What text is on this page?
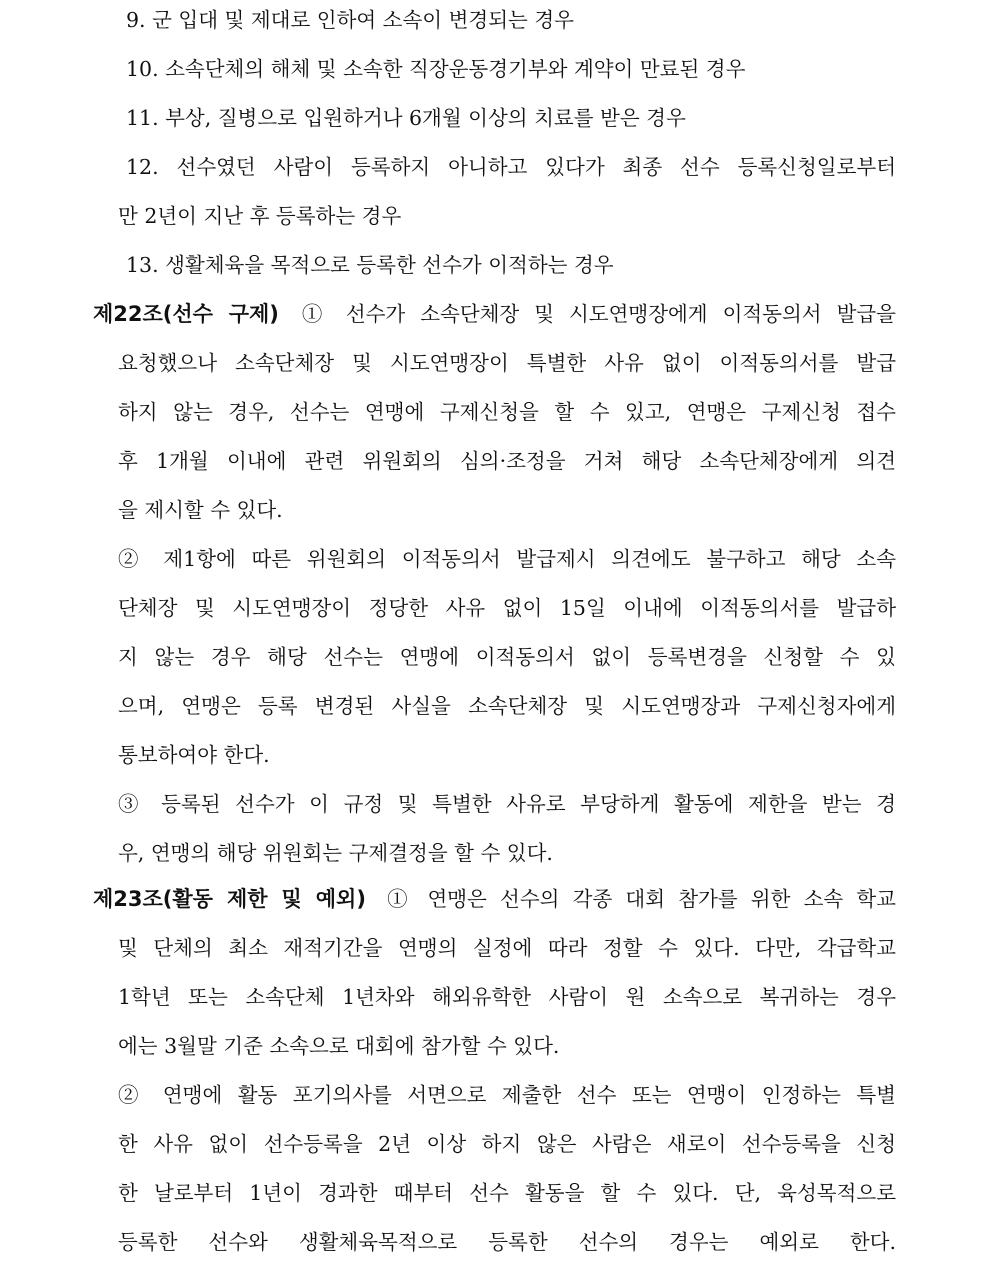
9. 군 입대 및 제대로 인하여 소속이 변경되는 경우
10. 소속단체의 해체 및 소속한 직장운동경기부와 계약이 만료된 경우
11. 부상, 질병으로 입원하거나 6개월 이상의 치료를 받은 경우
12. 선수였던 사람이 등록하지 아니하고 있다가 최종 선수 등록신청일로부터
만 2년이 지난 후 등록하는 경우
13. 생활체육을 목적으로 등록한 선수가 이적하는 경우
제22조(선수 구제) ① 선수가 소속단체장 및 시도연맹장에게 이적동의서 발급을
요청했으나 소속단체장 및 시도연맹장이 특별한 사유 없이 이적동의서를 발급
하지 않는 경우, 선수는 연맹에 구제신청을 할 수 있고, 연맹은 구제신청 접수
후 1개월 이내에 관련 위원회의 심의·조정을 거쳐 해당 소속단체장에게 의견
을 제시할 수 있다.
② 제1항에 따른 위원회의 이적동의서 발급제시 의견에도 불구하고 해당 소속
단체장 및 시도연맹장이 정당한 사유 없이 15일 이내에 이적동의서를 발급하
지 않는 경우 해당 선수는 연맹에 이적동의서 없이 등록변경을 신청할 수 있
으며, 연맹은 등록 변경된 사실을 소속단체장 및 시도연맹장과 구제신청자에게
통보하여야 한다.
③ 등록된 선수가 이 규정 및 특별한 사유로 부당하게 활동에 제한을 받는 경
우, 연맹의 해당 위원회는 구제결정을 할 수 있다.
제23조(활동 제한 및 예외) ① 연맹은 선수의 각종 대회 참가를 위한 소속 학교
및 단체의 최소 재적기간을 연맹의 실정에 따라 정할 수 있다. 다만, 각급학교
1학년 또는 소속단체 1년차와 해외유학한 사람이 원 소속으로 복귀하는 경우
에는 3월말 기준 소속으로 대회에 참가할 수 있다.
② 연맹에 활동 포기의사를 서면으로 제출한 선수 또는 연맹이 인정하는 특별
한 사유 없이 선수등록을 2년 이상 하지 않은 사람은 새로이 선수등록을 신청
한 날로부터 1년이 경과한 때부터 선수 활동을 할 수 있다. 단, 육성목적으로
등록한 선수와 생활체육목적으로 등록한 선수의 경우는 예외로 한다.
